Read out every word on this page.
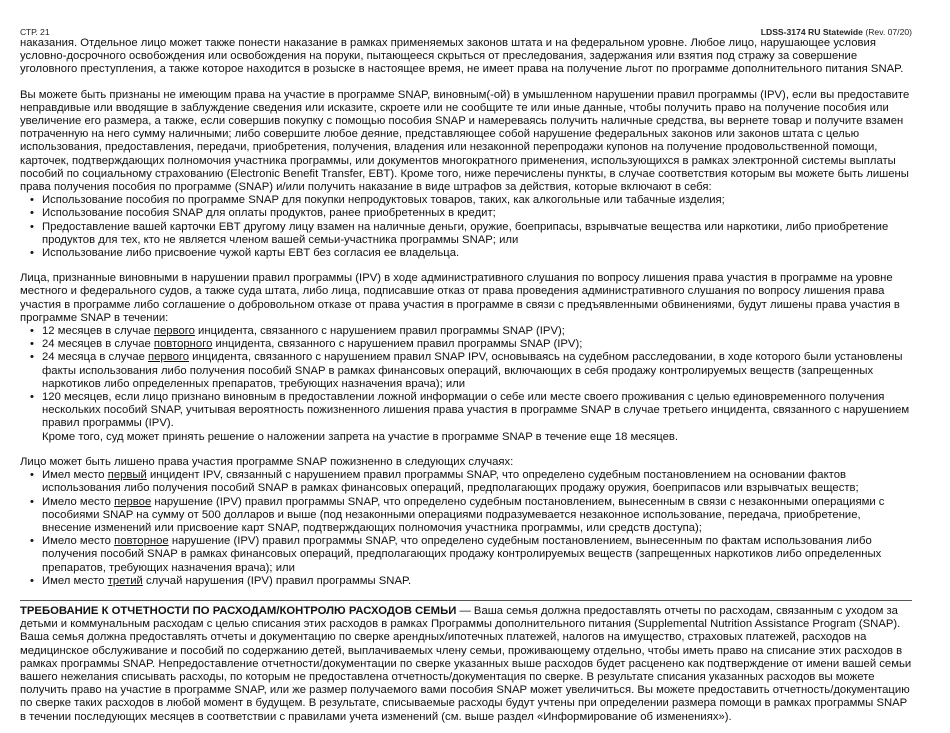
СТР. 21	LDSS-3174 RU Statewide (Rev. 07/20)

наказания. Отдельное лицо может также понести наказание в рамках применяемых законов штата и на федеральном уровне. Любое лицо, нарушающее условия условно-досрочного освобождения или освобождения на поруки, пытающееся скрыться от преследования, задержания или взятия под стражу за совершение уголовного преступления, а также которое находится в розыске в настоящее время, не имеет права на получение льгот по программе дополнительного питания SNAP.

Вы можете быть признаны не имеющим права на участие в программе SNAP, виновным(-ой) в умышленном нарушении правил программы (IPV), если вы предоставите неправдивые или вводящие в заблуждение сведения или исказите, скроете или не сообщите те или иные данные, чтобы получить право на получение пособия или увеличение его размера, а также, если совершив покупку с помощью пособия SNAP и намереваясь получить наличные средства, вы вернете товар и получите взамен потраченную на него сумму наличными; либо совершите любое деяние, представляющее собой нарушение федеральных законов или законов штата с целью использования, предоставления, передачи, приобретения, получения, владения или незаконной перепродажи купонов на получение продовольственной помощи, карточек, подтверждающих полномочия участника программы, или документов многократного применения, использующихся в рамках электронной системы выплаты пособий по социальному страхованию (Electronic Benefit Transfer, EBT). Кроме того, ниже перечислены пункты, в случае соответствия которым вы можете быть лишены права получения пособия по программе (SNAP) и/или получить наказание в виде штрафов за действия, которые включают в себя:

• Использование пособия по программе SNAP для покупки непродуктовых товаров, таких, как алкогольные или табачные изделия;
• Использование пособия SNAP для оплаты продуктов, ранее приобретенных в кредит;
• Предоставление вашей карточки EBT другому лицу взамен на наличные деньги, оружие, боеприпасы, взрывчатые вещества или наркотики, либо приобретение продуктов для тех, кто не является членом вашей семьи-участника программы SNAP; или
• Использование либо присвоение чужой карты EBT без согласия ее владельца.

Лица, признанные виновными в нарушении правил программы (IPV) в ходе административного слушания по вопросу лишения права участия в программе на уровне местного и федерального судов, а также суда штата, либо лица, подписавшие отказ от права проведения административного слушания по вопросу лишения права участия в программе либо соглашение о добровольном отказе от права участия в программе в связи с предъявленными обвинениями, будут лишены права участия в программе SNAP в течении:

• 12 месяцев в случае первого инцидента, связанного с нарушением правил программы SNAP (IPV);
• 24 месяцев в случае повторного инцидента, связанного с нарушением правил программы SNAP (IPV);
• 24 месяца в случае первого инцидента, связанного с нарушением правил SNAP IPV, основываясь на судебном расследовании, в ходе которого были установлены факты использования либо получения пособий SNAP в рамках финансовых операций, включающих в себя продажу контролируемых веществ (запрещенных наркотиков либо определенных препаратов, требующих назначения врача); или
• 120 месяцев, если лицо признано виновным в предоставлении ложной информации о себе или месте своего проживания с целью единовременного получения нескольких пособий SNAP, учитывая вероятность пожизненного лишения права участия в программе SNAP в случае третьего инцидента, связанного с нарушением правил программы (IPV).

Кроме того, суд может принять решение о наложении запрета на участие в программе SNAP в течение еще 18 месяцев.

Лицо может быть лишено права участия программе SNAP пожизненно в следующих случаях:

• Имел место первый инцидент IPV, связанный с нарушением правил программы SNAP, что определено судебным постановлением на основании фактов использования либо получения пособий SNAP в рамках финансовых операций, предполагающих продажу оружия, боеприпасов или взрывчатых веществ;
• Имело место первое нарушение (IPV) правил программы SNAP, что определено судебным постановлением, вынесенным в связи с незаконными операциями с пособиями SNAP на сумму от 500 долларов и выше (под незаконными операциями подразумевается незаконное использование, передача, приобретение, внесение изменений или присвоение карт SNAP, подтверждающих полномочия участника программы, или средств доступа);
• Имело место повторное нарушение (IPV) правил программы SNAP, что определено судебным постановлением, вынесенным по фактам использования либо получения пособий SNAP в рамках финансовых операций, предполагающих продажу контролируемых веществ (запрещенных наркотиков либо определенных препаратов, требующих назначения врача); или
• Имел место третий случай нарушения (IPV) правил программы SNAP.

ТРЕБОВАНИЕ К ОТЧЕТНОСТИ ПО РАСХОДАМ/КОНТРОЛЮ РАСХОДОВ СЕМЬИ — Ваша семья должна предоставлять отчеты по расходам, связанным с уходом за детьми и коммунальным расходам с целью списания этих расходов в рамках Программы дополнительного питания (Supplemental Nutrition Assistance Program (SNAP). Ваша семья должна предоставлять отчеты и документацию по сверке арендных/ипотечных платежей, налогов на имущество, страховых платежей, расходов на медицинское обслуживание и пособий по содержанию детей, выплачиваемых члену семьи, проживающему отдельно, чтобы иметь право на списание этих расходов в рамках программы SNAP. Непредоставление отчетности/документации по сверке указанных выше расходов будет расценено как подтверждение от имени вашей семьи вашего нежелания списывать расходы, по которым не предоставлена отчетность/документация по сверке. В результате списания указанных расходов вы можете получить право на участие в программе SNAP, или же размер получаемого вами пособия SNAP может увеличиться. Вы можете предоставить отчетность/документацию по сверке таких расходов в любой момент в будущем. В результате, списываемые расходы будут учтены при определении размера помощи в рамках программы SNAP в течении последующих месяцев в соответствии с правилами учета изменений (см. выше раздел «Информирование об изменениях»).
